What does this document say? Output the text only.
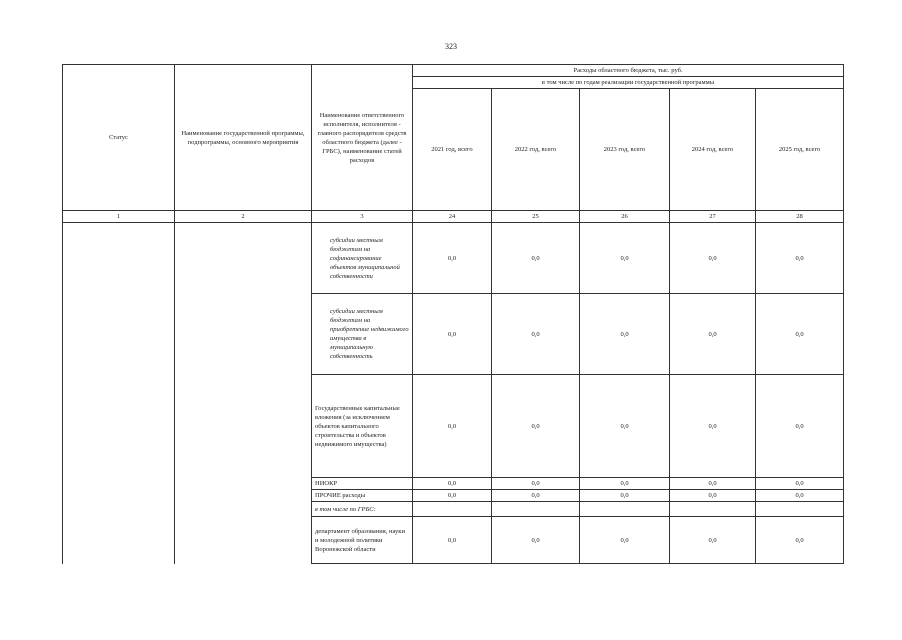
323
Статус	Наименование государственной программы, подпрограммы, основного мероприятия	Наименование ответственного исполнителя, исполнителя - главного распорядителя средств областного бюджета (далее - ГРБС), наименование статей расходов	Расходы областного бюджета, тыс. руб.				
			в том числе по годам реализации государственной программы				
			2021 год, всего	2022 год, всего	2023 год, всего	2024 год, всего	2025 год, всего
1	2	3	24	25	26	27	28
		субсидии местным бюджетам на софинансирование объектов муниципальной собственности	0,0	0,0	0,0	0,0	0,0
		субсидии местным бюджетам на приобретение недвижимого имущества в муниципальную собственность	0,0	0,0	0,0	0,0	0,0
		Государственные капитальные вложения (за исключением объектов капитального строительства и объектов недвижимого имущества)	0,0	0,0	0,0	0,0	0,0
		НИОКР	0,0	0,0	0,0	0,0	0,0
		ПРОЧИЕ расходы	0,0	0,0	0,0	0,0	0,0
		в том числе по ГРБС:					
		департамент образования, науки и молодежной политики Воронежской области	0,0	0,0	0,0	0,0	0,0
